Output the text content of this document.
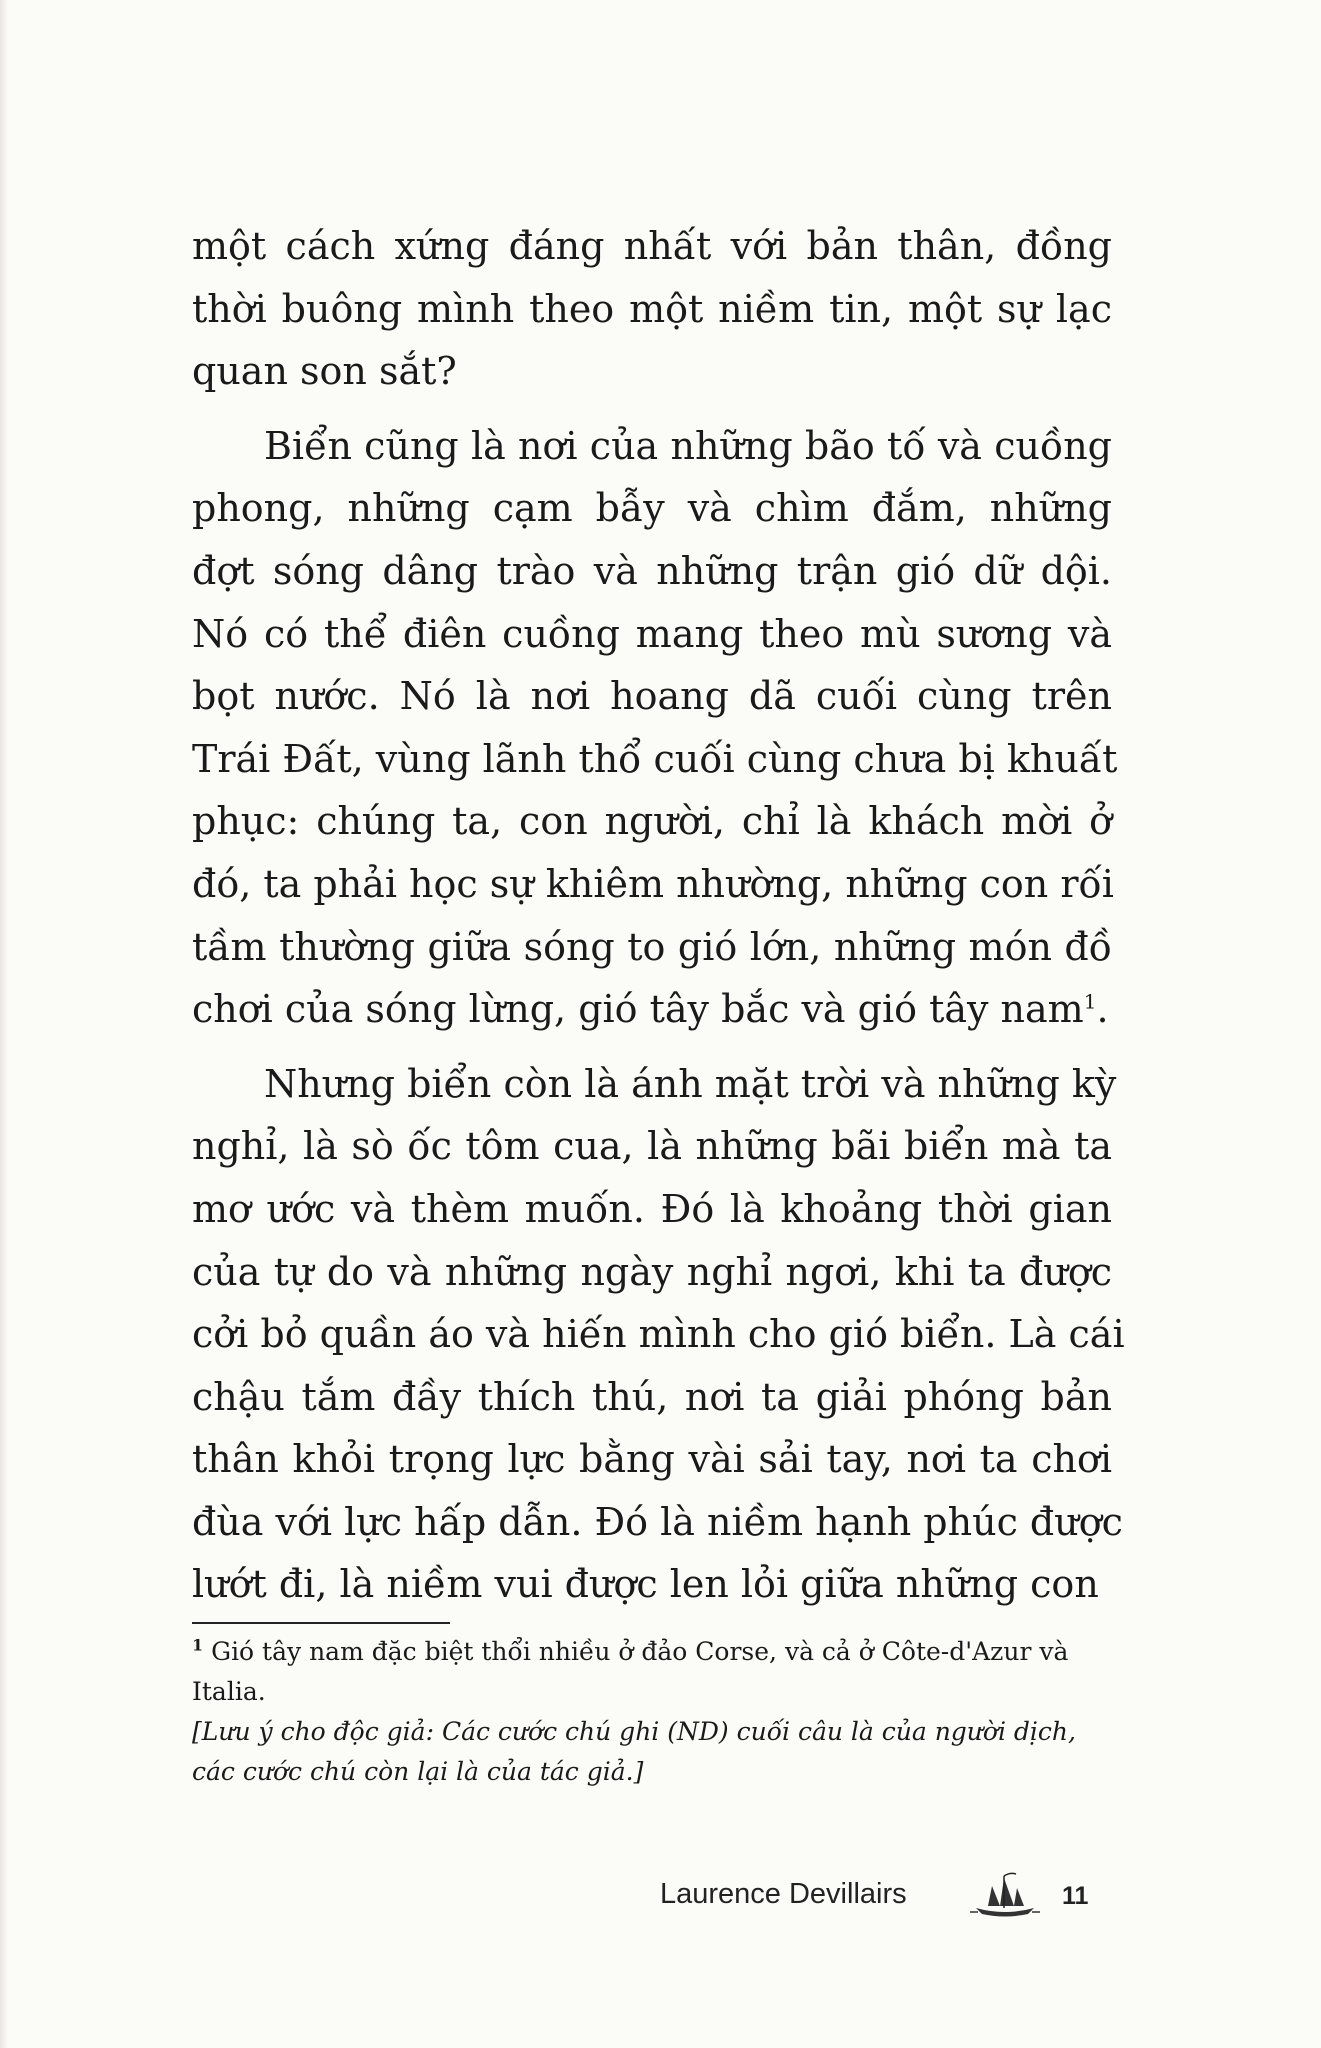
một cách xứng đáng nhất với bản thân, đồng
thời buông mình theo một niềm tin, một sự lạc
quan son sắt?
Biển cũng là nơi của những bão tố và cuồng
phong, những cạm bẫy và chìm đắm, những
đợt sóng dâng trào và những trận gió dữ dội.
Nó có thể điên cuồng mang theo mù sương và
bọt nước. Nó là nơi hoang dã cuối cùng trên
Trái Đất, vùng lãnh thổ cuối cùng chưa bị khuất
phục: chúng ta, con người, chỉ là khách mời ở
đó, ta phải học sự khiêm nhường, những con rối
tầm thường giữa sóng to gió lớn, những món đồ
chơi của sóng lừng, gió tây bắc và gió tây nam$^1$.
Nhưng biển còn là ánh mặt trời và những kỳ
nghỉ, là sò ốc tôm cua, là những bãi biển mà ta
mơ ước và thèm muốn. Đó là khoảng thời gian
của tự do và những ngày nghỉ ngơi, khi ta được
cởi bỏ quần áo và hiến mình cho gió biển. Là cái
chậu tắm đầy thích thú, nơi ta giải phóng bản
thân khỏi trọng lực bằng vài sải tay, nơi ta chơi
đùa với lực hấp dẫn. Đó là niềm hạnh phúc được
lướt đi, là niềm vui được len lỏi giữa những con
$^1$ Gió tây nam đặc biệt thổi nhiều ở đảo Corse, và cả ở Côte-d'Azur và
Italia.
[Lưu ý cho độc giả: Các cước chú ghi (ND) cuối câu là của người dịch,
các cước chú còn lại là của tác giả.]
Laurence Devillairs	11
